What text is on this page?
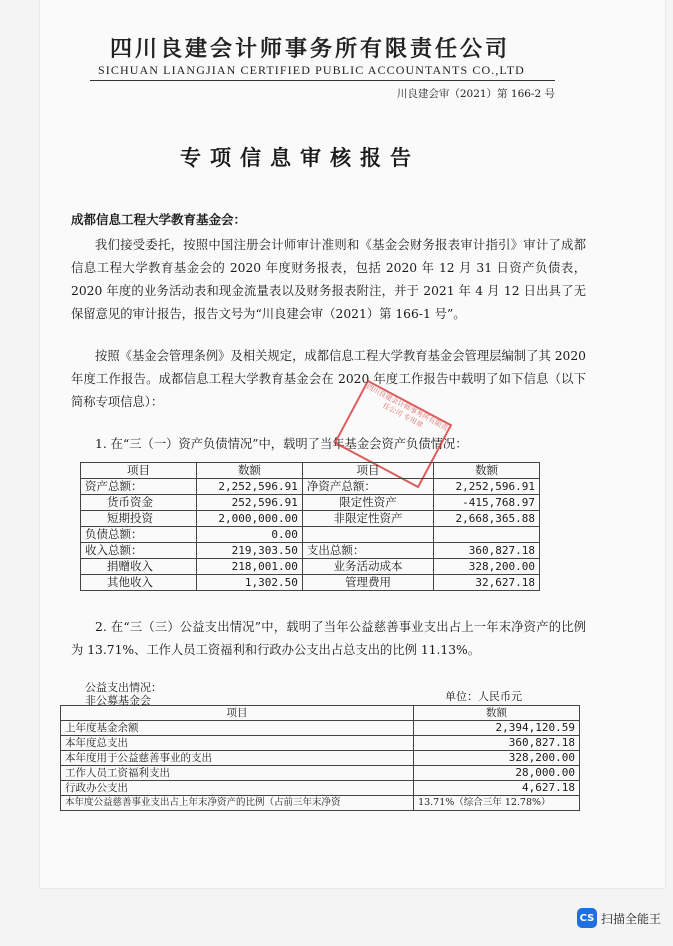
四川良建会计师事务所有限责任公司
SICHUAN LIANGJIAN CERTIFIED PUBLIC ACCOUNTANTS CO.,LTD
川良建会审（2021）第 166-2 号
专项信息审核报告
成都信息工程大学教育基金会：
我们接受委托，按照中国注册会计师审计准则和《基金会财务报表审计指引》审计了成都信息工程大学教育基金会的 2020 年度财务报表，包括 2020 年 12 月 31 日资产负债表，2020 年度的业务活动表和现金流量表以及财务报表附注，并于 2021 年 4 月 12 日出具了无保留意见的审计报告，报告文号为“川良建会审（2021）第 166-1 号”。
按照《基金会管理条例》及相关规定，成都信息工程大学教育基金会管理层编制了其 2020 年度工作报告。成都信息工程大学教育基金会在 2020 年度工作报告中载明了如下信息（以下简称专项信息）：
1. 在“三（一）资产负债情况”中，载明了当年基金会资产负债情况：
四川良建会计师事务所有限责任公司 专用章
项目	数额	项目	数额
资产总额：	2,252,596.91	净资产总额：	2,252,596.91
货币资金	252,596.91	限定性资产	-415,768.97
短期投资	2,000,000.00	非限定性资产	2,668,365.88
负债总额：	0.00		
收入总额：	219,303.50	支出总额：	360,827.18
捐赠收入	218,001.00	业务活动成本	328,200.00
其他收入	1,302.50	管理费用	32,627.18
2. 在“三（三）公益支出情况”中，载明了当年公益慈善事业支出占上一年末净资产的比例为 13.71%、工作人员工资福利和行政办公支出占总支出的比例 11.13%。
公益支出情况：
非公募基金会	单位：人民币元
项目	数额
上年度基金余额	2,394,120.59
本年度总支出	360,827.18
本年度用于公益慈善事业的支出	328,200.00
工作人员工资福利支出	28,000.00
行政办公支出	4,627.18
本年度公益慈善事业支出占上年末净资产的比例（占前三年末净资	13.71%（综合三年 12.78%）
CS 扫描全能王
